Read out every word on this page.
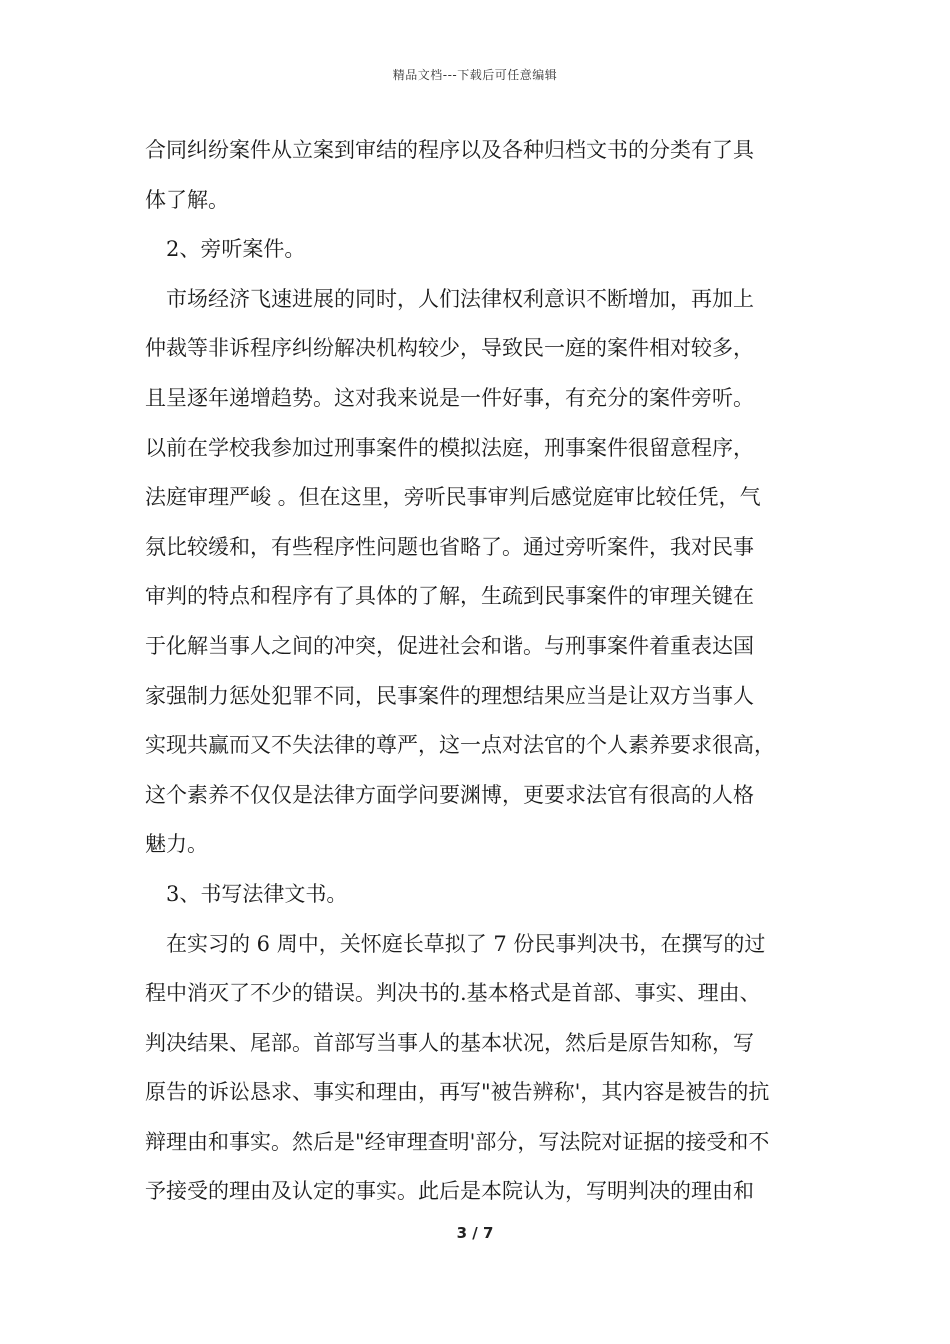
精品文档---下载后可任意编辑
合同纠纷案件从立案到审结的程序以及各种归档文书的分类有了具
体了解。
2、旁听案件。
市场经济飞速进展的同时，人们法律权利意识不断增加，再加上
仲裁等非诉程序纠纷解决机构较少，导致民一庭的案件相对较多，
且呈逐年递增趋势。这对我来说是一件好事，有充分的案件旁听。
以前在学校我参加过刑事案件的模拟法庭，刑事案件很留意程序，
法庭审理严峻 。但在这里，旁听民事审判后感觉庭审比较任凭，气
氛比较缓和，有些程序性问题也省略了。通过旁听案件，我对民事
审判的特点和程序有了具体的了解，生疏到民事案件的审理关键在
于化解当事人之间的冲突，促进社会和谐。与刑事案件着重表达国
家强制力惩处犯罪不同，民事案件的理想结果应当是让双方当事人
实现共赢而又不失法律的尊严，这一点对法官的个人素养要求很高，
这个素养不仅仅是法律方面学问要渊博，更要求法官有很高的人格
魅力。
3、书写法律文书。
在实习的 6 周中，关怀庭长草拟了 7 份民事判决书，在撰写的过
程中消灭了不少的错误。判决书的.基本格式是首部、事实、理由、
判决结果、尾部。首部写当事人的基本状况，然后是原告知称，写
原告的诉讼恳求、事实和理由，再写"被告辨称'，其内容是被告的抗
辩理由和事实。然后是"经审理查明'部分，写法院对证据的接受和不
予接受的理由及认定的事实。此后是本院认为，写明判决的理由和
3 / 7
